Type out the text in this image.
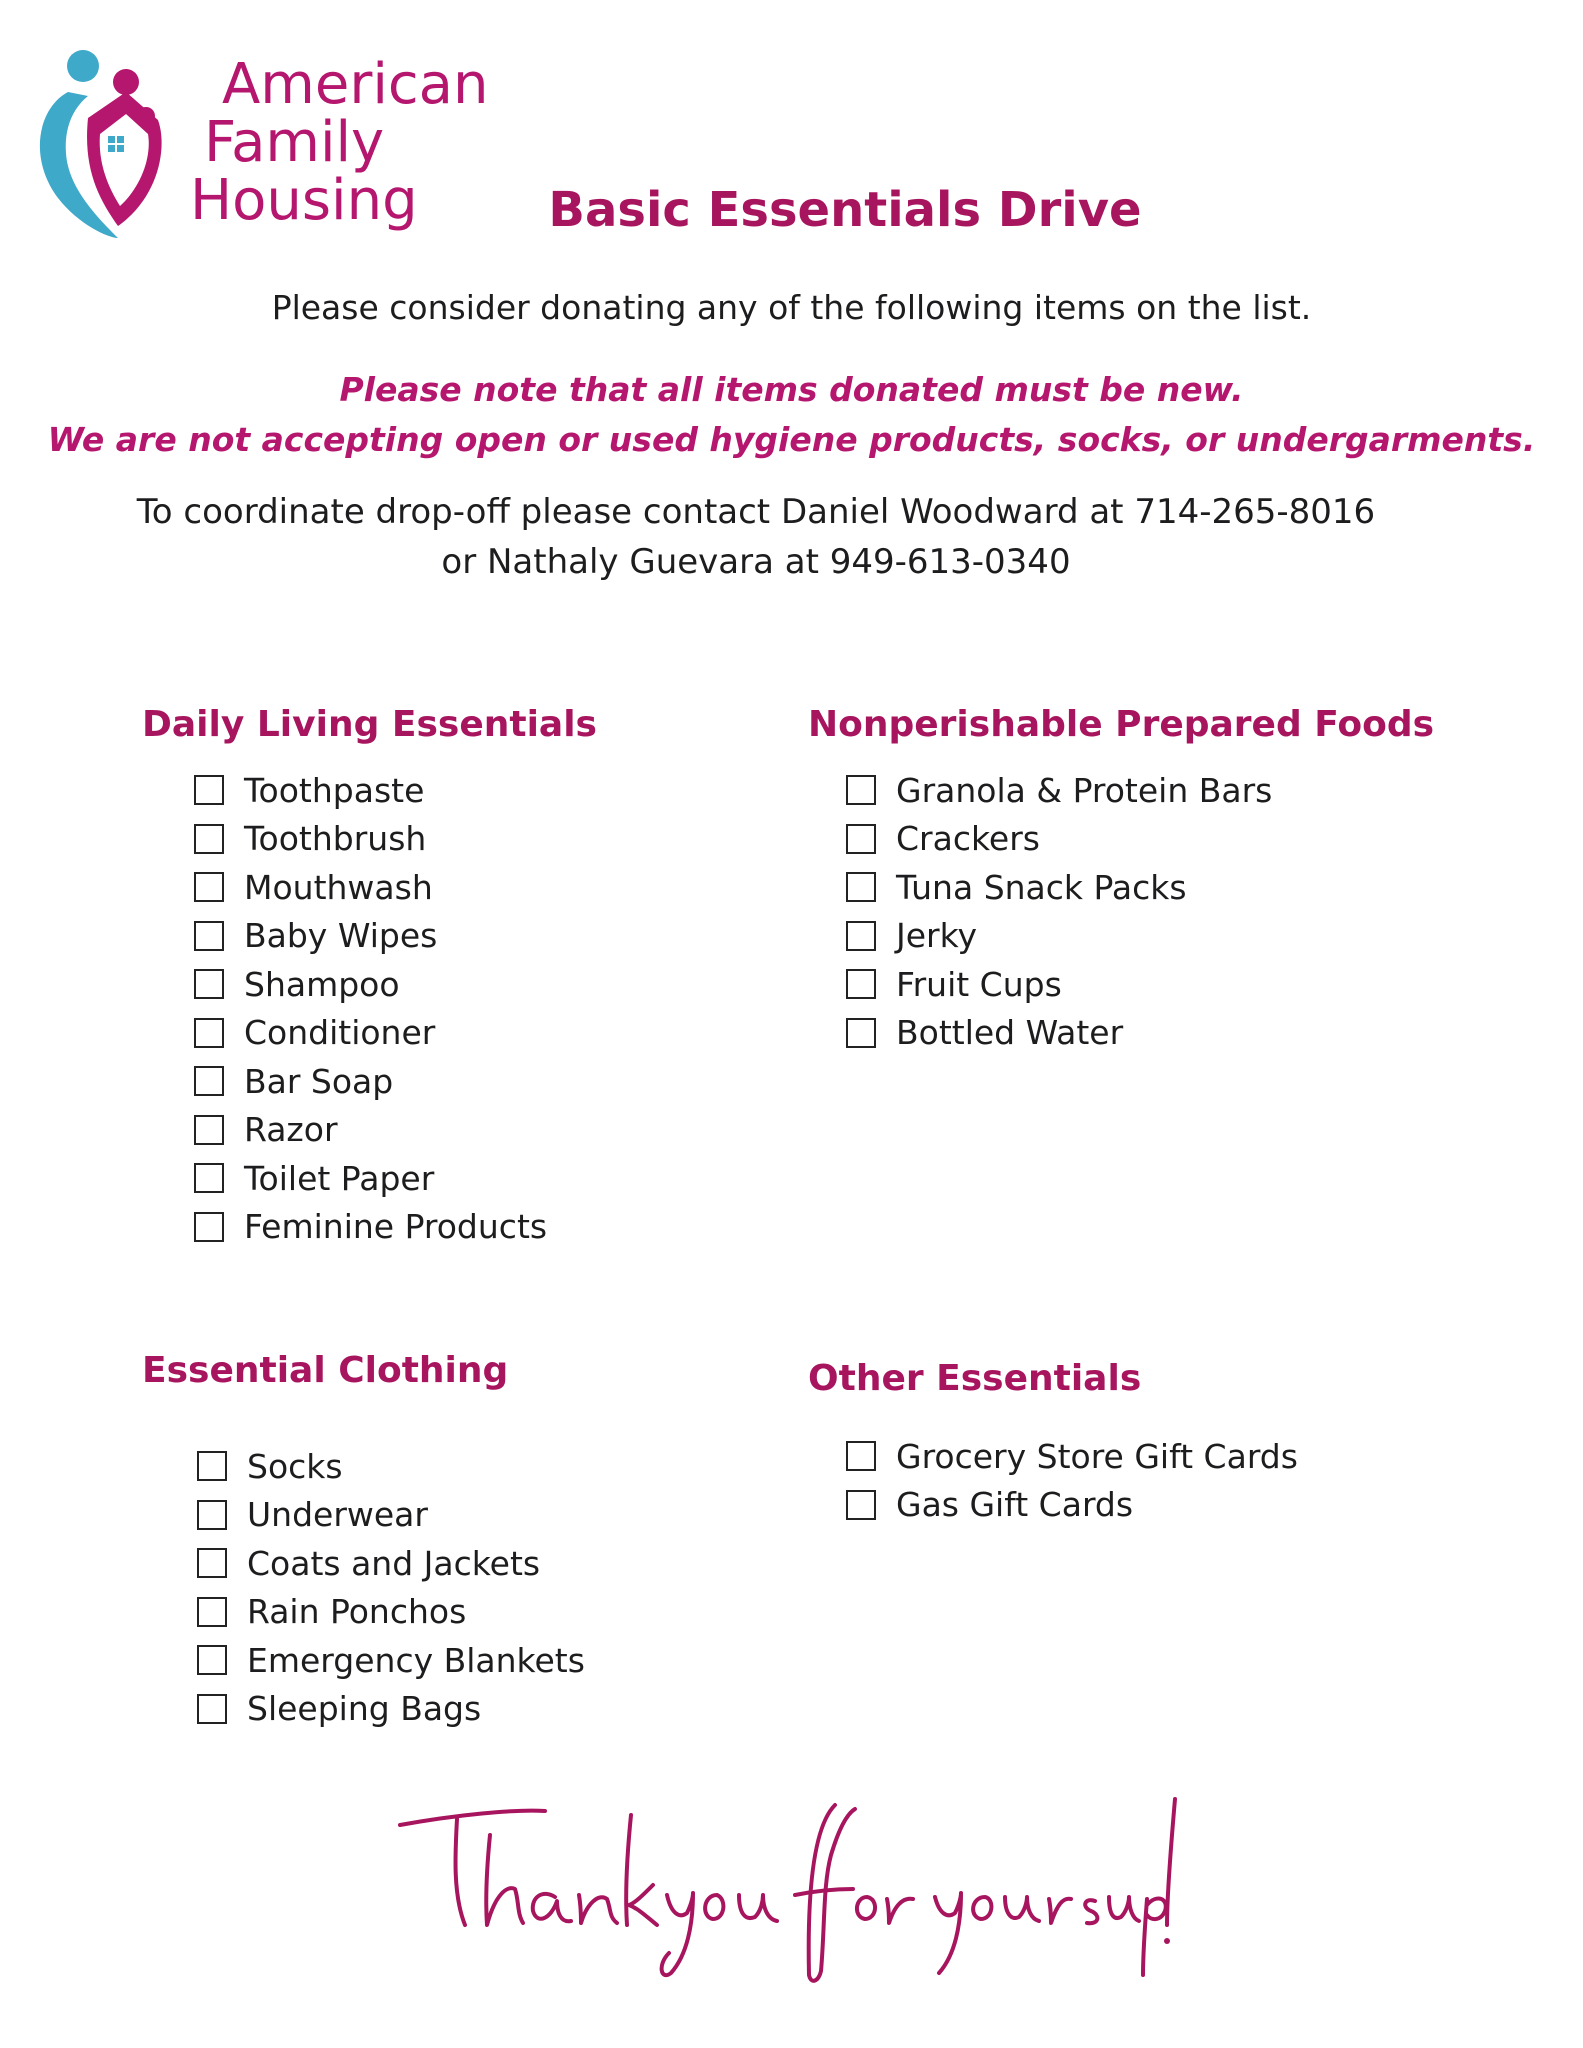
American
Family
Housing	Basic Essentials Drive
Please consider donating any of the following items on the list.
Please note that all items donated must be new.
We are not accepting open or used hygiene products, socks, or undergarments.
To coordinate drop-off please contact Daniel Woodward at 714-265-8016
or Nathaly Guevara at 949-613-0340
Daily Living Essentials
Toothpaste
Toothbrush
Mouthwash
Baby Wipes
Shampoo
Conditioner
Bar Soap
Razor
Toilet Paper
Feminine Products
Nonperishable Prepared Foods
Granola & Protein Bars
Crackers
Tuna Snack Packs
Jerky
Fruit Cups
Bottled Water
Essential Clothing
Socks
Underwear
Coats and Jackets
Rain Ponchos
Emergency Blankets
Sleeping Bags
Other Essentials
Grocery Store Gift Cards
Gas Gift Cards
